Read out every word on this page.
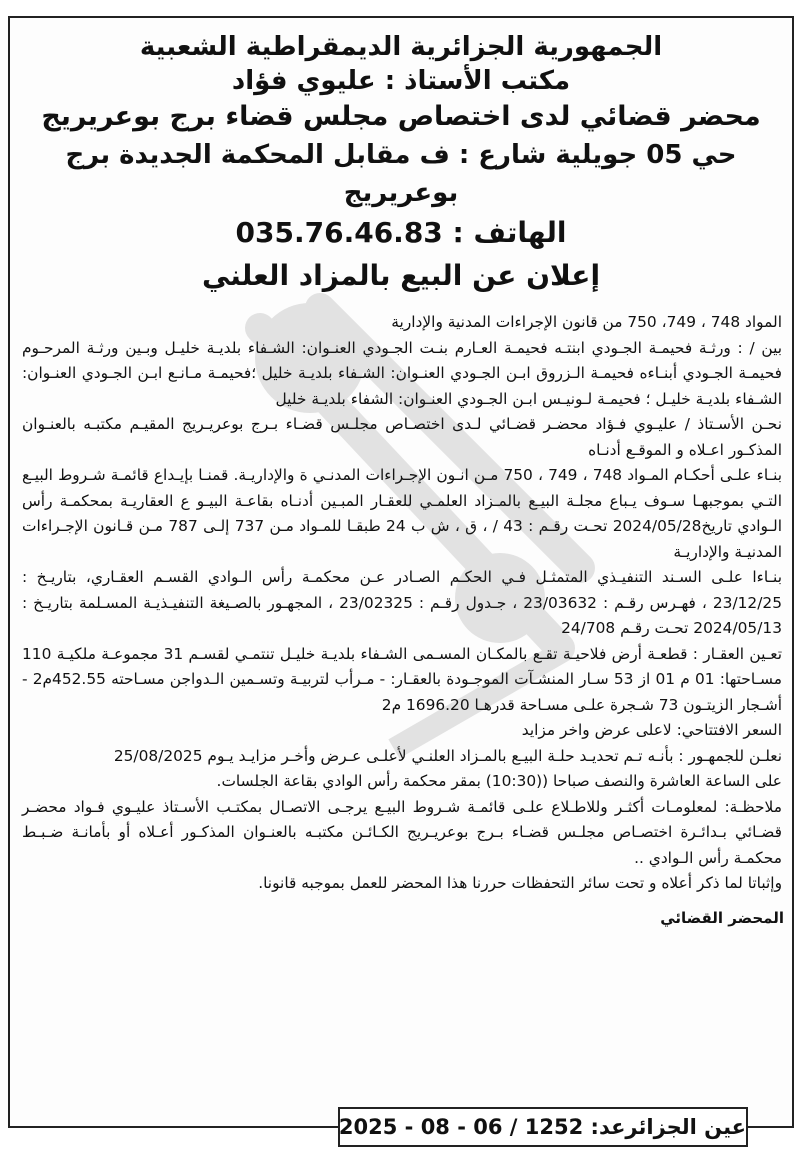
الجمهورية الجزائرية الديمقراطية الشعبية
مكتب الأستاذ : عليوي فؤاد
محضر قضائي لدى اختصاص مجلس قضاء برج بوعريريج
حي 05 جويلية شارع : ف مقابل المحكمة الجديدة برج بوعريريج
الهاتف : 035.76.46.83
إعلان عن البيع بالمزاد العلني

المواد 748 ، 749، 750 من قانون الإجراءات المدنية والإدارية

بين / : ورثـة فحيمـة الجـودي ابنتـه فحيمـة العـارم بنـت الجـودي العنـوان: الشـفاء بلديـة خليـل وبـين ورثـة المرحـوم فحيمـة الجـودي أبنـاءه فحيمـة الـزروق ابـن الجـودي العنـوان: الشـفاء بلديـة خليل ؛فحيمـة مـانـع ابـن الجـودي العنـوان: الشـفاء بلديـة خليـل ؛ فحيمـة لـونيـس ابـن الجـودي العنـوان: الشفاء بلديـة خليل

نحـن الأسـتاذ / عليـوي فـؤاد محضـر قضـائي لـدى اختصـاص مجلـس قضـاء بـرج بوعريـريج المقيـم مكتبـه بالعنـوان المذكـور اعـلاه و الموقـع أدنـاه

بنـاء علـى أحكـام المـواد 748 ، 749 ، 750 مـن انـون الإجـراءات المدنـي ة والإداريـة. قمنـا بإيـداع قائمـة شـروط البيـع التـي بموجبهـا سـوف يـباع مجلـة البيـع بالمـزاد العلمـي للعقـار المبـين أدنـاه بقاعـة البيـو ع العقاريـة بمحكمـة رأس الـوادي تاريخ2024/05/28 تحـت رقـم : 43 / ، ق ، ش ب 24 طبقـا للمـواد مـن 737 إلـى 787 مـن قـانون الإجـراءات المدنيـة والإداريـة

بنـاءا علـى السـند التنفيـذي المتمثـل فـي الحكـم الصـادر عـن محكمـة رأس الـوادي القسـم العقـاري، بتاريـخ : 23/12/25 ، فهـرس رقـم : 23/03632 ، جـدول رقـم : 23/02325 ، المجهـور بالصـيغة التنفيـذيـة المسـلمة بتاريـخ : 2024/05/13 تحـت رقـم 24/708

تعـين العقـار : قطعـة أرض فلاحيـة تقـع بالمكـان المسـمى الشـفاء بلديـة خليـل تنتمـي لقسـم 31 مجموعـة ملكيـة 110 مسـاحتها: 01 م 01 از 53 سـار المنشـآت الموجـودة بالعقـار: - مـرأب لتربيـة وتسـمين الـدواجن مسـاحته 452.55م2 - أشـجار الزيتـون 73 شـجرة علـى مسـاحة قدرهـا 1696.20 م2

السعر الافتتاحي: لاعلى عرض واخر مزايد

نعلـن للجمهـور : بأنـه تـم تحديـد حلـة البيـع بالمـزاد العلنـي لأعلـى عـرض وأخـر مزايـد يـوم 25/08/2025

على الساعة العاشرة والنصف صباحا ((10:30) بمقر محكمة رأس الوادي بقاعة الجلسات.

ملاحظـة: لمعلومـات أكثـر وللاطـلاع علـى قائمـة شـروط البيـع يرجـى الاتصـال بمكتـب الأسـتاذ عليـوي فـواد محضـر قضـائي بـدائـرة اختصـاص مجلـس قضـاء بـرج بوعريـريج الكـائـن مكتبـه بالعنـوان المذكـور أعـلاه أو بأمانـة ضـبـط محكمـة رأس الـوادي ..

وإثباتا لما ذكر أعلاه و تحت سائر التحفظات حررنا هذا المحضر للعمل بموجبه قانونا.

المحضر القضائي
عين الجزائرعد: 1252 / 06 - 08 - 2025
